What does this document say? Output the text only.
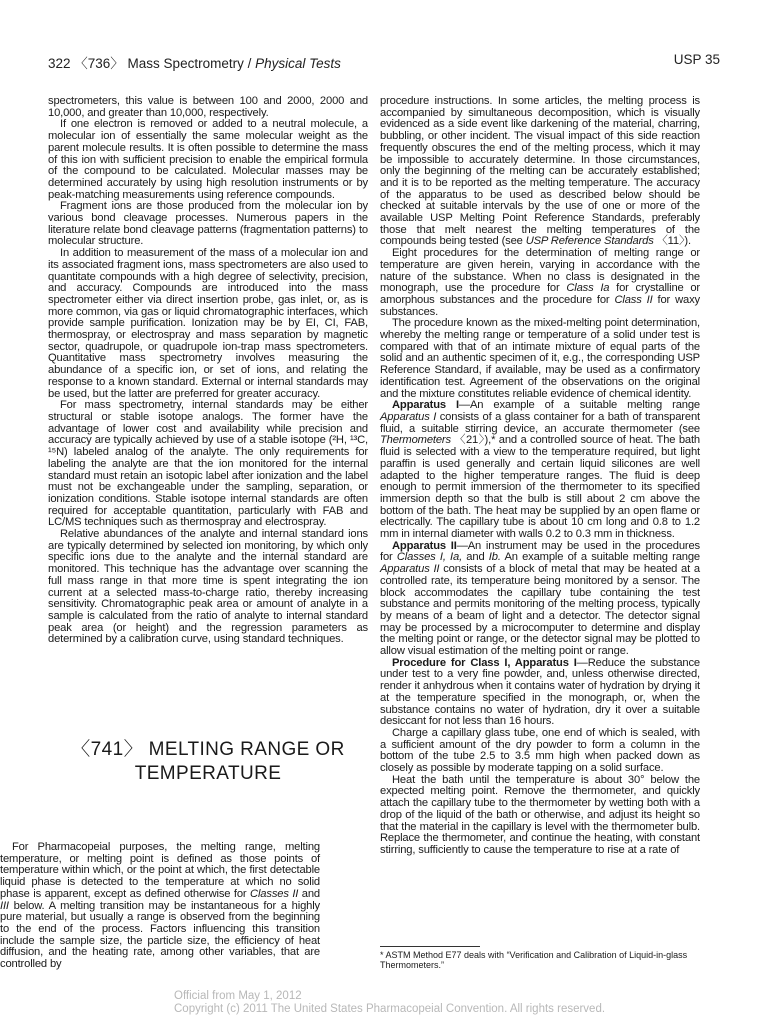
322 〈736〉 Mass Spectrometry / Physical Tests	USP 35

spectrometers, this value is between 100 and 2000, 2000 and 10,000, and greater than 10,000, respectively.

If one electron is removed or added to a neutral molecule, a molecular ion of essentially the same molecular weight as the parent molecule results. It is often possible to determine the mass of this ion with sufficient precision to enable the empirical formula of the compound to be calculated. Molecular masses may be determined accurately by using high resolution instruments or by peak-matching measurements using reference compounds.

Fragment ions are those produced from the molecular ion by various bond cleavage processes. Numerous papers in the literature relate bond cleavage patterns (fragmentation patterns) to molecular structure.

In addition to measurement of the mass of a molecular ion and its associated fragment ions, mass spectrometers are also used to quantitate compounds with a high degree of selectivity, precision, and accuracy. Compounds are introduced into the mass spectrometer either via direct insertion probe, gas inlet, or, as is more common, via gas or liquid chromatographic interfaces, which provide sample purification. Ionization may be by EI, CI, FAB, thermospray, or electrospray and mass separation by magnetic sector, quadrupole, or quadrupole ion-trap mass spectrometers. Quantitative mass spectrometry involves measuring the abundance of a specific ion, or set of ions, and relating the response to a known standard. External or internal standards may be used, but the latter are preferred for greater accuracy.

For mass spectrometry, internal standards may be either structural or stable isotope analogs. The former have the advantage of lower cost and availability while precision and accuracy are typically achieved by use of a stable isotope (²H, ¹³C, ¹⁵N) labeled analog of the analyte. The only requirements for labeling the analyte are that the ion monitored for the internal standard must retain an isotopic label after ionization and the label must not be exchangeable under the sampling, separation, or ionization conditions. Stable isotope internal standards are often required for acceptable quantitation, particularly with FAB and LC/MS techniques such as thermospray and electrospray.

Relative abundances of the analyte and internal standard ions are typically determined by selected ion monitoring, by which only specific ions due to the analyte and the internal standard are monitored. This technique has the advantage over scanning the full mass range in that more time is spent integrating the ion current at a selected mass-to-charge ratio, thereby increasing sensitivity. Chromatographic peak area or amount of analyte in a sample is calculated from the ratio of analyte to internal standard peak area (or height) and the regression parameters as determined by a calibration curve, using standard techniques.

〈741〉 MELTING RANGE OR
TEMPERATURE

For Pharmacopeial purposes, the melting range, melting temperature, or melting point is defined as those points of temperature within which, or the point at which, the first detectable liquid phase is detected to the temperature at which no solid phase is apparent, except as defined otherwise for Classes II and III below. A melting transition may be instantaneous for a highly pure material, but usually a range is observed from the beginning to the end of the process. Factors influencing this transition include the sample size, the particle size, the efficiency of heat diffusion, and the heating rate, among other variables, that are controlled by

procedure instructions. In some articles, the melting process is accompanied by simultaneous decomposition, which is visually evidenced as a side event like darkening of the material, charring, bubbling, or other incident. The visual impact of this side reaction frequently obscures the end of the melting process, which it may be impossible to accurately determine. In those circumstances, only the beginning of the melting can be accurately established; and it is to be reported as the melting temperature. The accuracy of the apparatus to be used as described below should be checked at suitable intervals by the use of one or more of the available USP Melting Point Reference Standards, preferably those that melt nearest the melting temperatures of the compounds being tested (see USP Reference Standards 〈11〉).

Eight procedures for the determination of melting range or temperature are given herein, varying in accordance with the nature of the substance. When no class is designated in the monograph, use the procedure for Class Ia for crystalline or amorphous substances and the procedure for Class II for waxy substances.

The procedure known as the mixed-melting point determination, whereby the melting range or temperature of a solid under test is compared with that of an intimate mixture of equal parts of the solid and an authentic specimen of it, e.g., the corresponding USP Reference Standard, if available, may be used as a confirmatory identification test. Agreement of the observations on the original and the mixture constitutes reliable evidence of chemical identity.

Apparatus I—An example of a suitable melting range Apparatus I consists of a glass container for a bath of transparent fluid, a suitable stirring device, an accurate thermometer (see Thermometers 〈21〉),* and a controlled source of heat. The bath fluid is selected with a view to the temperature required, but light paraffin is used generally and certain liquid silicones are well adapted to the higher temperature ranges. The fluid is deep enough to permit immersion of the thermometer to its specified immersion depth so that the bulb is still about 2 cm above the bottom of the bath. The heat may be supplied by an open flame or electrically. The capillary tube is about 10 cm long and 0.8 to 1.2 mm in internal diameter with walls 0.2 to 0.3 mm in thickness.

Apparatus II—An instrument may be used in the procedures for Classes I, Ia, and Ib. An example of a suitable melting range Apparatus II consists of a block of metal that may be heated at a controlled rate, its temperature being monitored by a sensor. The block accommodates the capillary tube containing the test substance and permits monitoring of the melting process, typically by means of a beam of light and a detector. The detector signal may be processed by a microcomputer to determine and display the melting point or range, or the detector signal may be plotted to allow visual estimation of the melting point or range.

Procedure for Class I, Apparatus I—Reduce the substance under test to a very fine powder, and, unless otherwise directed, render it anhydrous when it contains water of hydration by drying it at the temperature specified in the monograph, or, when the substance contains no water of hydration, dry it over a suitable desiccant for not less than 16 hours.

Charge a capillary glass tube, one end of which is sealed, with a sufficient amount of the dry powder to form a column in the bottom of the tube 2.5 to 3.5 mm high when packed down as closely as possible by moderate tapping on a solid surface.

Heat the bath until the temperature is about 30° below the expected melting point. Remove the thermometer, and quickly attach the capillary tube to the thermometer by wetting both with a drop of the liquid of the bath or otherwise, and adjust its height so that the material in the capillary is level with the thermometer bulb. Replace the thermometer, and continue the heating, with constant stirring, sufficiently to cause the temperature to rise at a rate of

* ASTM Method E77 deals with “Verification and Calibration of Liquid-in-glass Thermometers.”
Official from May 1, 2012
Copyright (c) 2011 The United States Pharmacopeial Convention. All rights reserved.
